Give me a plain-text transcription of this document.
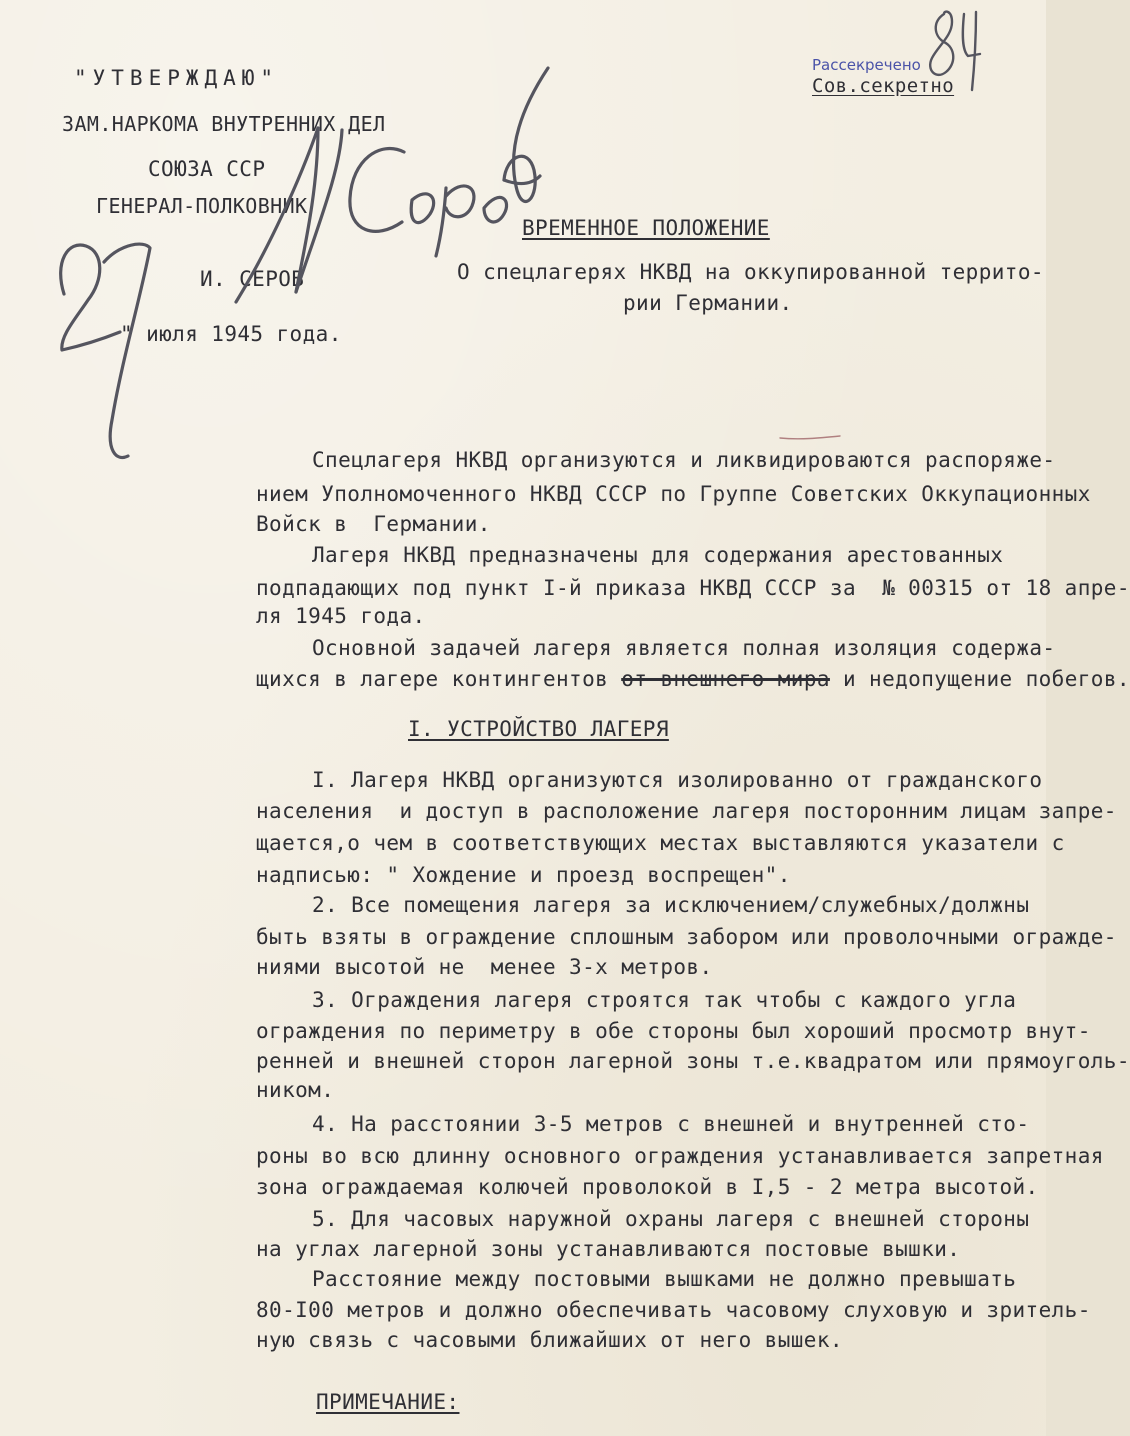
"УТВЕРЖДАЮ"
ЗАМ.НАРКОМА ВНУТРЕННИХ ДЕЛ
СОЮЗА ССР
ГЕНЕРАЛ-ПОЛКОВНИК
И. СЕРОВ
" июля 1945 года.
Рассекречено
Сов.секретно
ВРЕМЕННОЕ ПОЛОЖЕНИЕ
О спецлагерях НКВД на оккупированной террито-
рии Германии.
Спецлагеря НКВД организуются и ликвидироваются распоряже-
нием Уполномоченного НКВД СССР по Группе Советских Оккупационных
Войск в  Германии.
Лагеря НКВД предназначены для содержания арестованных
подпадающих под пункт I-й приказа НКВД СССР за  № 00315 от 18 апре-
ля 1945 года.
Основной задачей лагеря является полная изоляция содержа-
щихся в лагере контингентов от внешнего мира и недопущение побегов.
I. УСТРОЙСТВО ЛАГЕРЯ
I. Лагеря НКВД организуются изолированно от гражданского
населения  и доступ в расположение лагеря посторонним лицам запре-
щается,о чем в соответствующих местах выставляются указатели с
надписью: " Хождение и проезд воспрещен".
2. Все помещения лагеря за исключением/служебных/должны
быть взяты в ограждение сплошным забором или проволочными огражде-
ниями высотой не  менее 3-х метров.
3. Ограждения лагеря строятся так чтобы с каждого угла
ограждения по периметру в обе стороны был хороший просмотр внут-
ренней и внешней сторон лагерной зоны т.е.квадратом или прямоуголь-
ником.
4. На расстоянии 3-5 метров с внешней и внутренней сто-
роны во всю длинну основного ограждения устанавливается запретная
зона ограждаемая колючей проволокой в I,5 - 2 метра высотой.
5. Для часовых наружной охраны лагеря с внешней стороны
на углах лагерной зоны устанавливаются постовые вышки.
Расстояние между постовыми вышками не должно превышать
80-I00 метров и должно обеспечивать часовому слуховую и зритель-
ную связь с часовыми ближайших от него вышек.
ПРИМЕЧАНИЕ:
